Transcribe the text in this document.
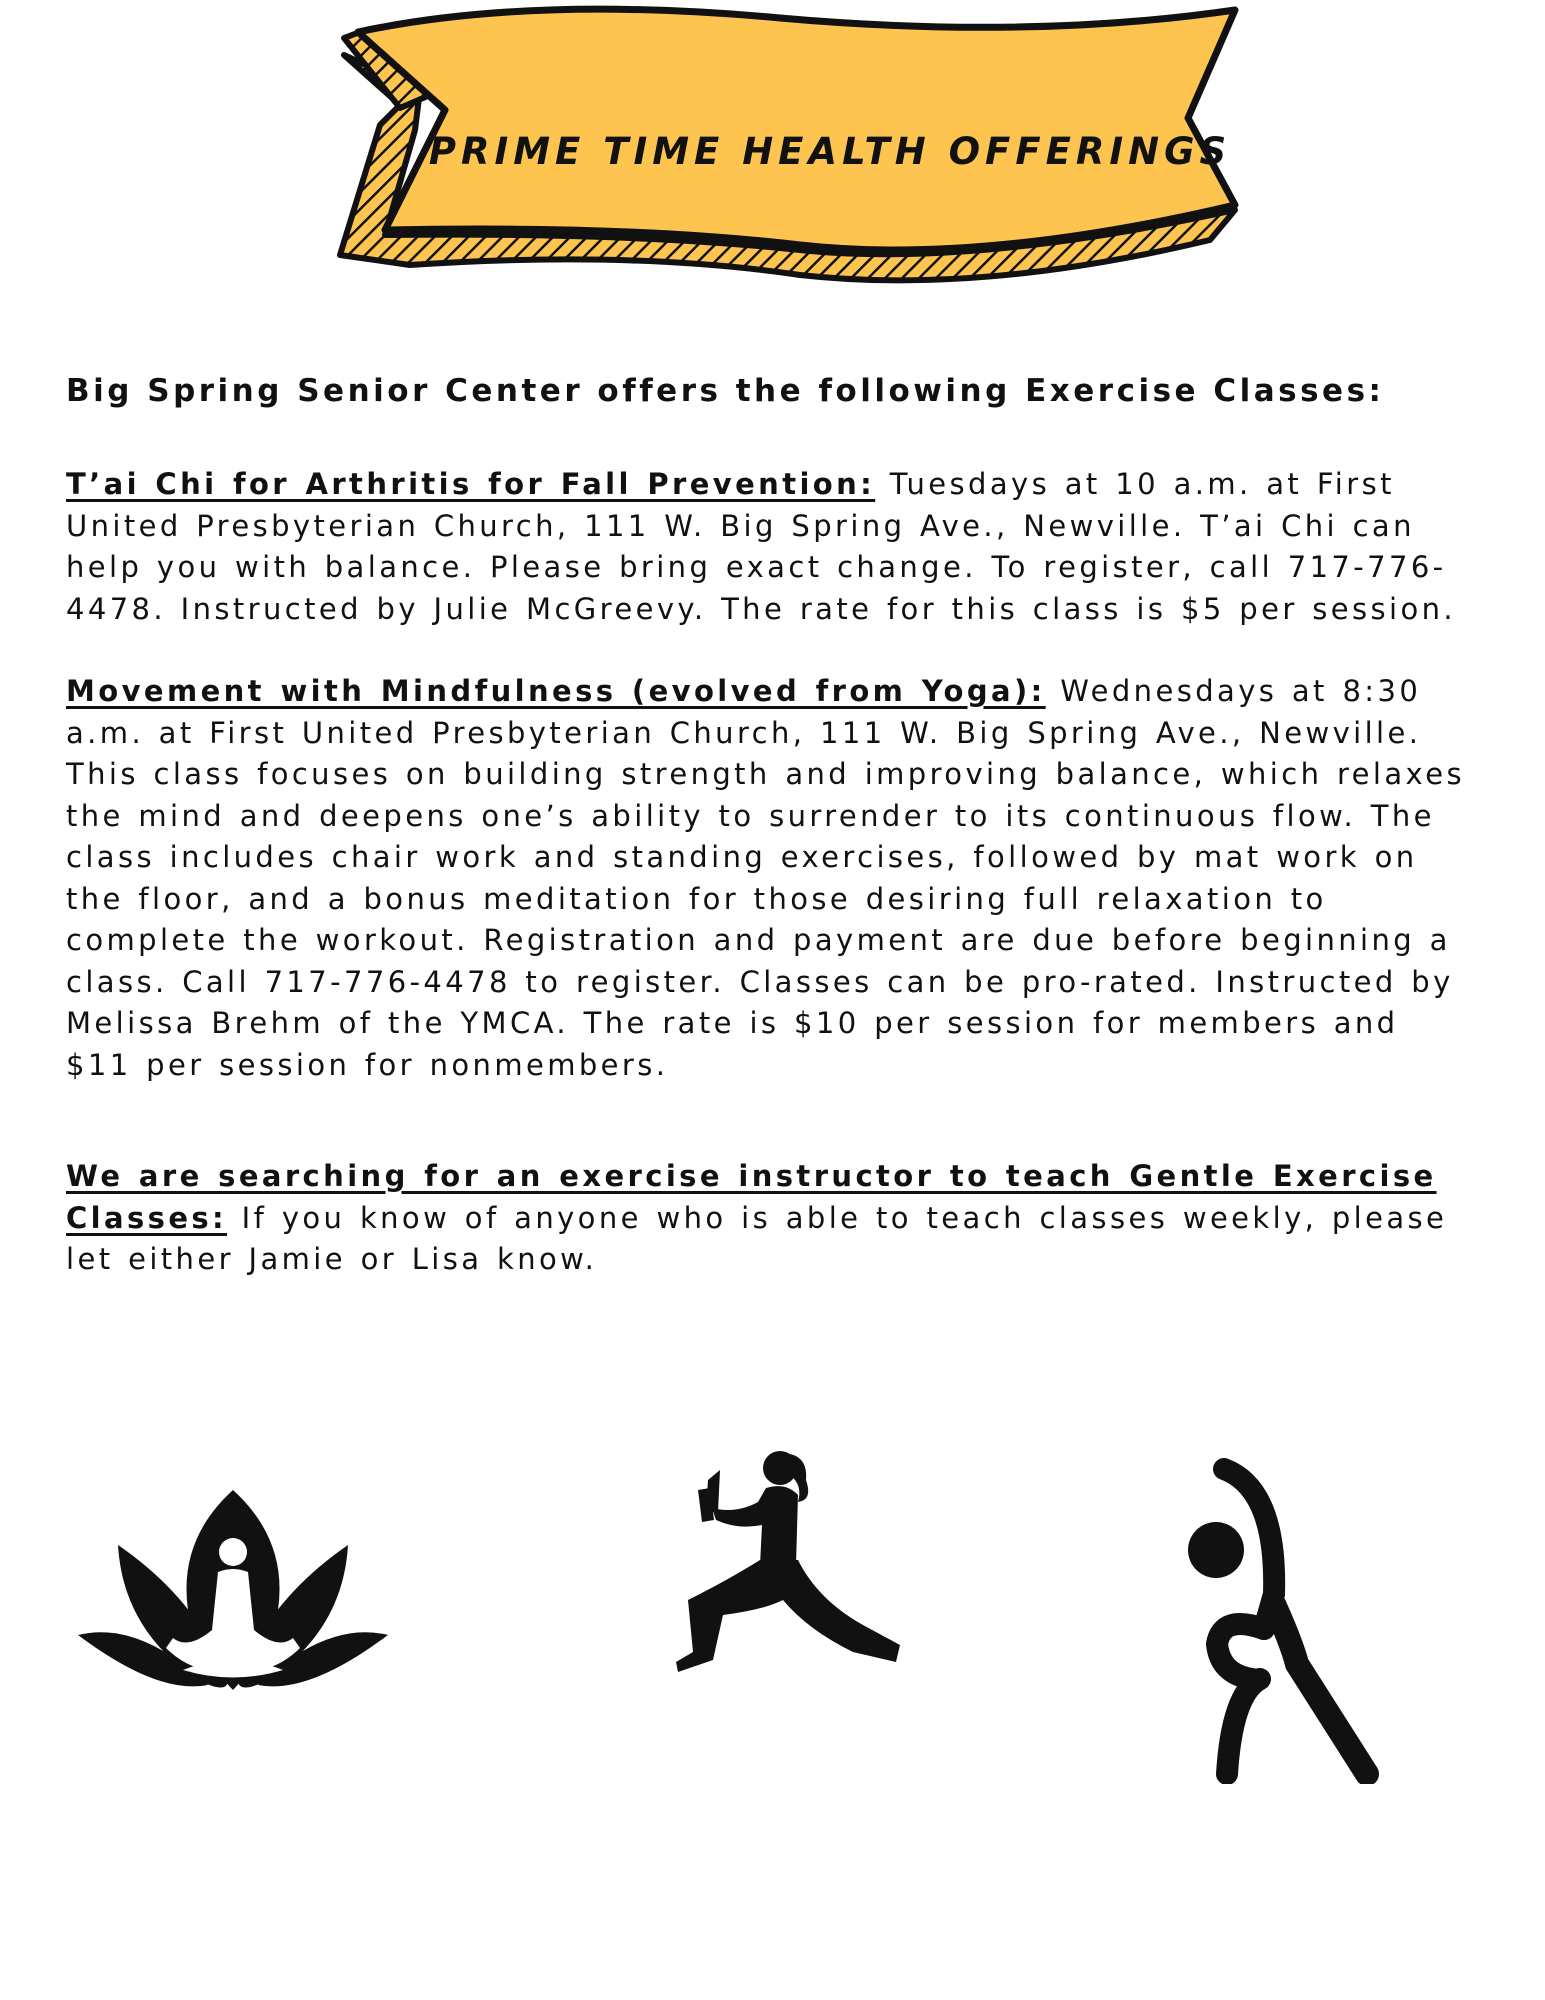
PRIME TIME HEALTH OFFERINGS
Big Spring Senior Center offers the following Exercise Classes:

T’ai Chi for Arthritis for Fall Prevention: Tuesdays at 10 a.m. at First United Presbyterian Church, 111 W. Big Spring Ave., Newville. T’ai Chi can help you with balance. Please bring exact change. To register, call 717-776-4478. Instructed by Julie McGreevy. The rate for this class is $5 per session.

Movement with Mindfulness (evolved from Yoga): Wednesdays at 8:30 a.m. at First United Presbyterian Church, 111 W. Big Spring Ave., Newville. This class focuses on building strength and improving balance, which relaxes the mind and deepens one’s ability to surrender to its continuous flow. The class includes chair work and standing exercises, followed by mat work on the floor, and a bonus meditation for those desiring full relaxation to complete the workout. Registration and payment are due before beginning a class. Call 717-776-4478 to register. Classes can be pro-rated. Instructed by Melissa Brehm of the YMCA. The rate is $10 per session for members and $11 per session for nonmembers.

We are searching for an exercise instructor to teach Gentle Exercise Classes: If you know of anyone who is able to teach classes weekly, please let either Jamie or Lisa know.
